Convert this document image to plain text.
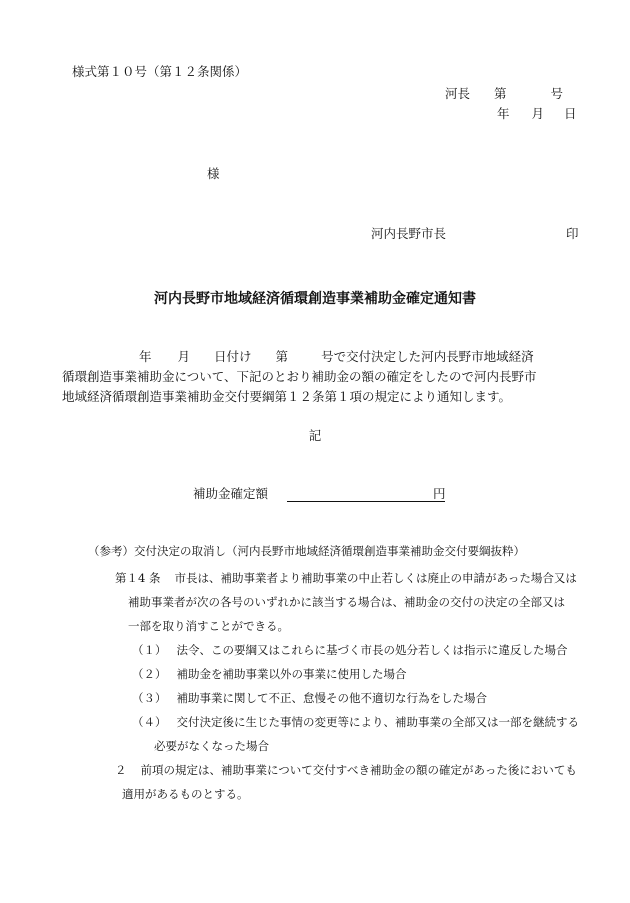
様式第１０号（第１２条関係）
河長 第	号
年 月 日
様
河内長野市長	印
河内長野市地域経済循環創造事業補助金確定通知書
年 月 日付け 第	号で交付決定した河内長野市地域経済
循環創造事業補助金について、下記のとおり補助金の額の確定をしたので河内長野市
地域経済循環創造事業補助金交付要綱第１２条第１項の規定により通知します。
記
補助金確定額	円
（参考）交付決定の取消し（河内長野市地域経済循環創造事業補助金交付要綱抜粋）
第１4 条 市長は、補助事業者より補助事業の中止若しくは廃止の申請があった場合又は
補助事業者が次の各号のいずれかに該当する場合は、補助金の交付の決定の全部又は
一部を取り消すことができる。
（１） 法令、この要綱又はこれらに基づく市長の処分若しくは指示に違反した場合
（２） 補助金を補助事業以外の事業に使用した場合
（３） 補助事業に関して不正、怠慢その他不適切な行為をした場合
（４） 交付決定後に生じた事情の変更等により、補助事業の全部又は一部を継続する
必要がなくなった場合
２ 前項の規定は、補助事業について交付すべき補助金の額の確定があった後においても
適用があるものとする。
